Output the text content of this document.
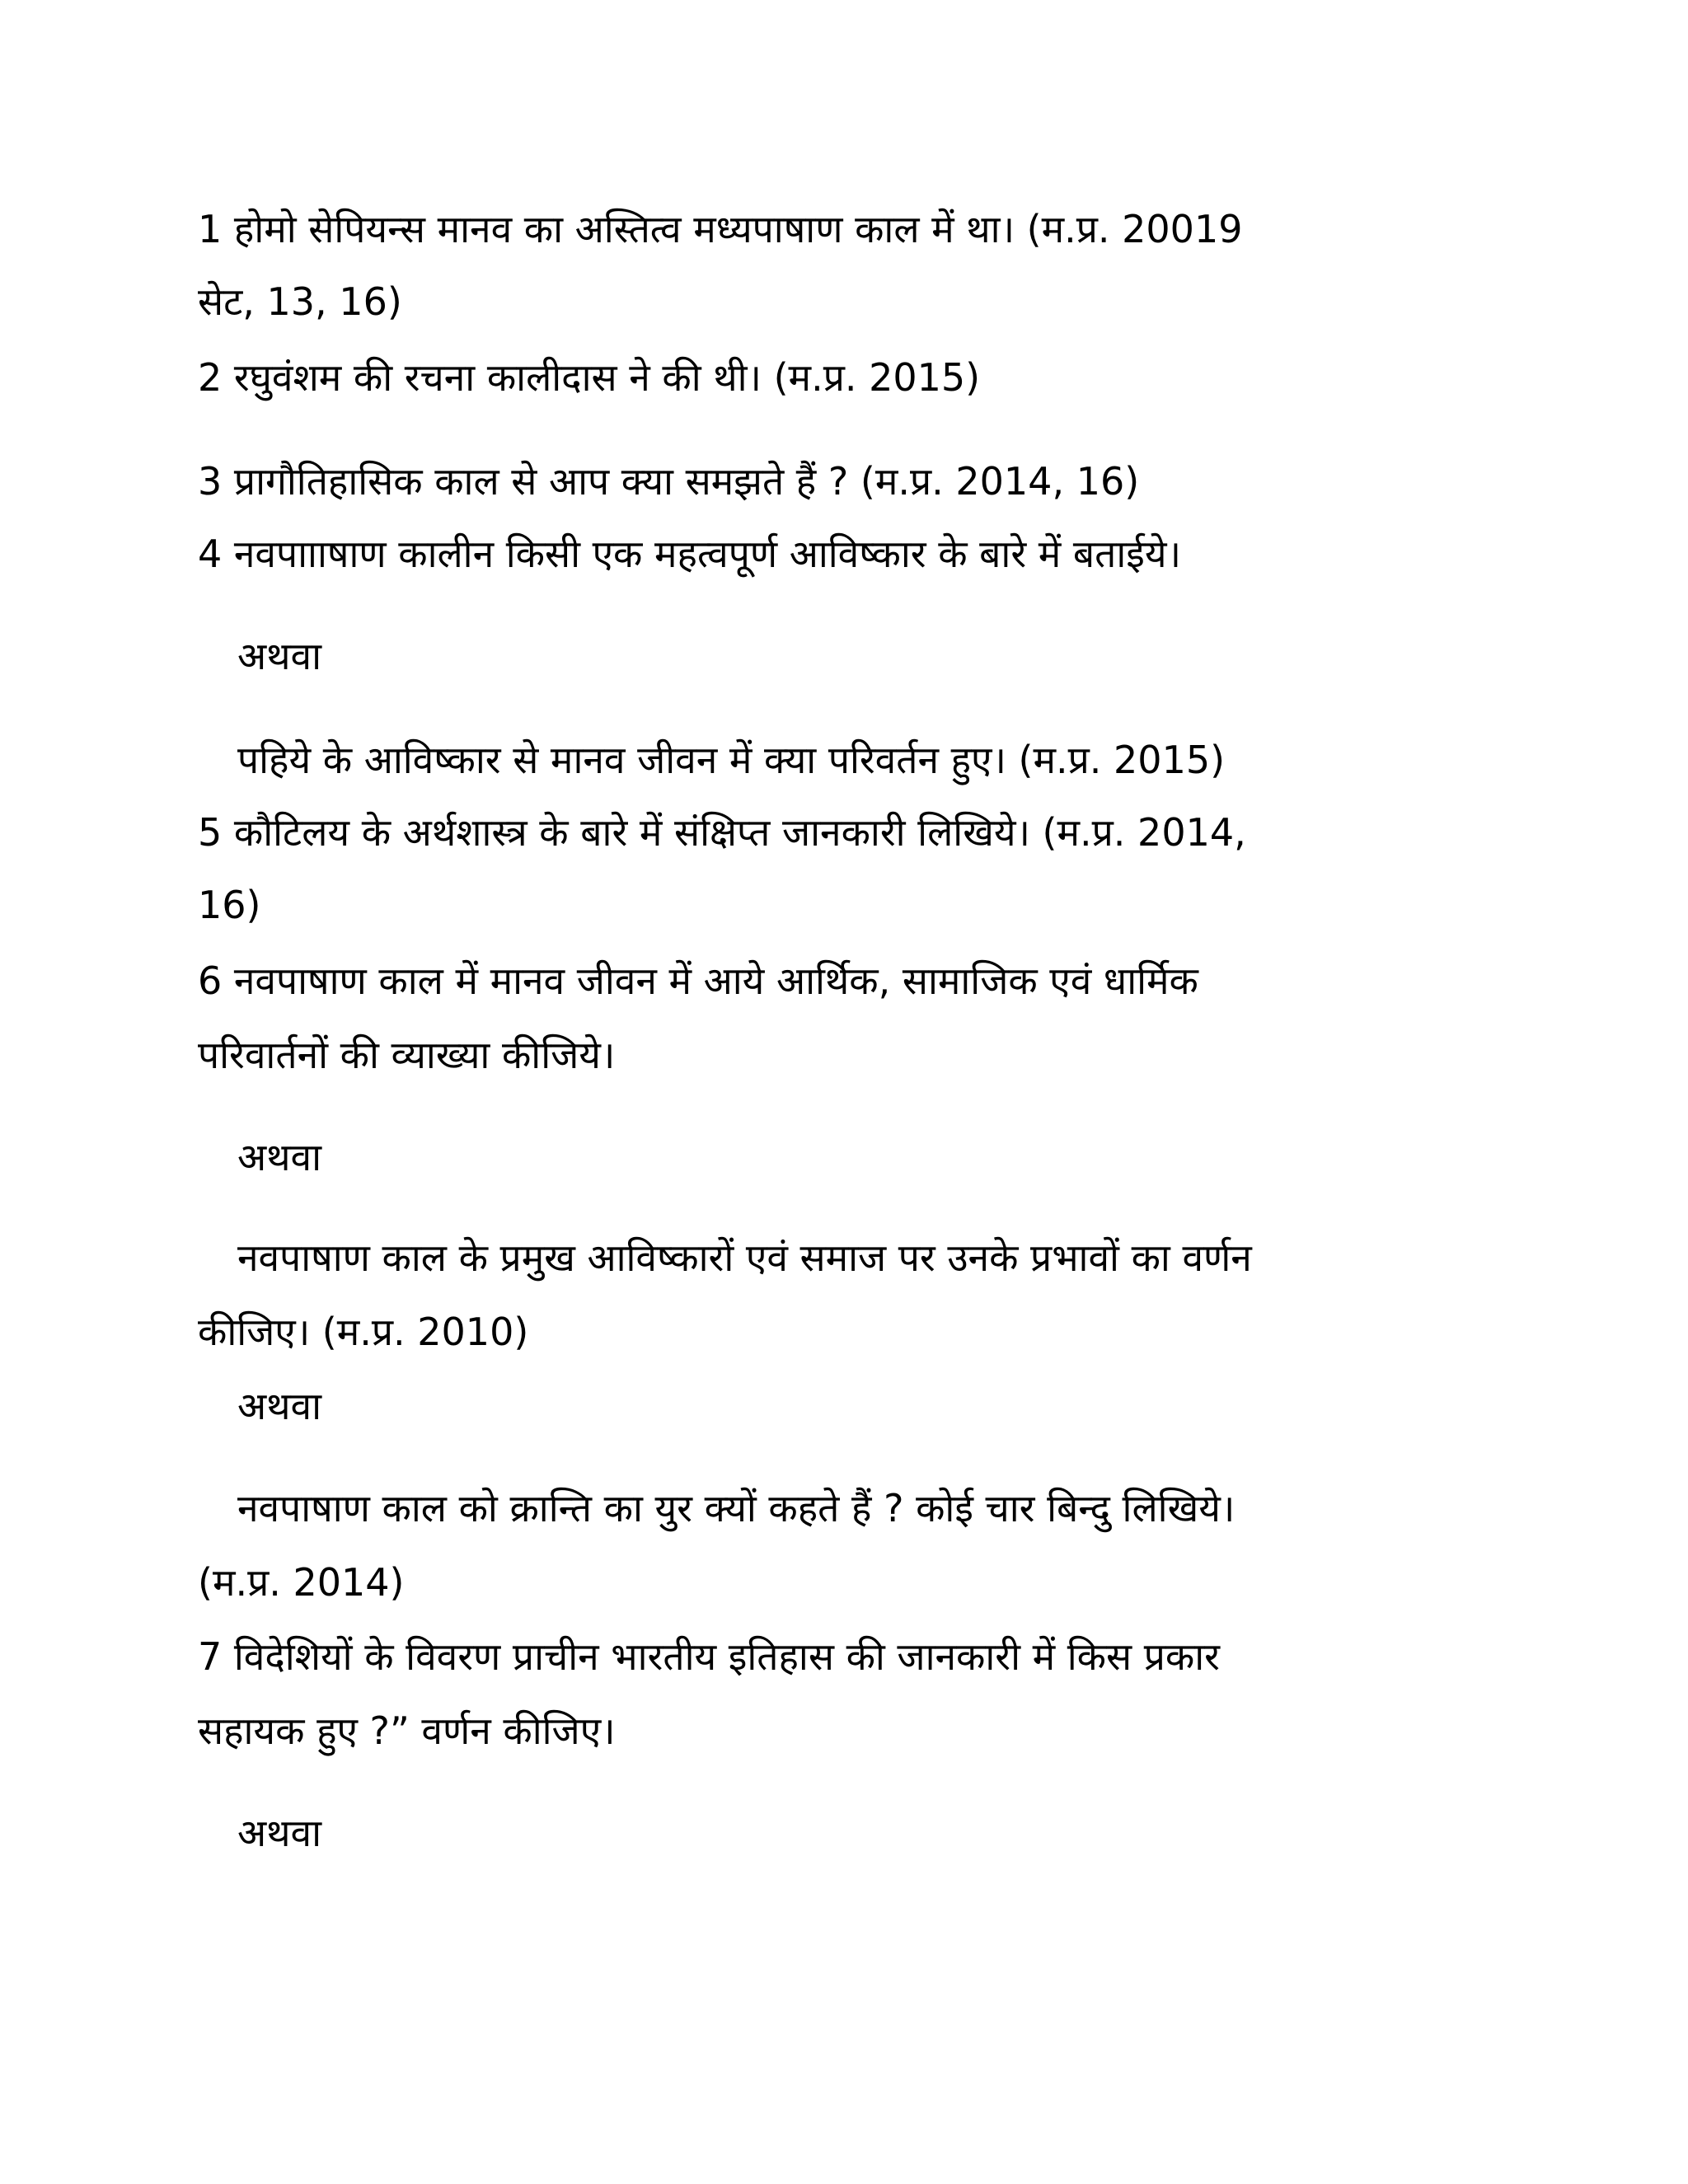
1 होमो सेपियन्स मानव का अस्तित्व मध्यपाषाण काल में था। (म.प्र. 20019
सेट, 13, 16)
2 रघुवंशम की रचना कालीदास ने की थी। (म.प्र. 2015)
3 प्रागौतिहासिक काल से आप क्या समझते हैं ? (म.प्र. 2014, 16)
4 नवपाााषाण कालीन किसी एक महत्वपूर्ण आविष्कार के बारे में बताईये।
अथवा
पहिये के आविष्कार से मानव जीवन में क्या परिवर्तन हुए। (म.प्र. 2015)
5 कौटिलय के अर्थशास्त्र के बारे में संक्षिप्त जानकारी लिखिये। (म.प्र. 2014,
16)
6 नवपाषाण काल में मानव जीवन में आये आर्थिक, सामाजिक एवं धार्मिक
परिवार्तनों की व्याख्या कीजिये।
अथवा
नवपाषाण काल के प्रमुख आविष्कारों एवं समाज पर उनके प्रभावों का वर्णन
कीजिए। (म.प्र. 2010)
अथवा
नवपाषाण काल को क्रान्ति का युर क्यों कहते हैं ? कोई चार बिन्दु लिखिये।
(म.प्र. 2014)
7 विदेशियों के विवरण प्राचीन भारतीय इतिहास की जानकारी में किस प्रकार
सहायक हुए ?” वर्णन कीजिए।
अथवा
